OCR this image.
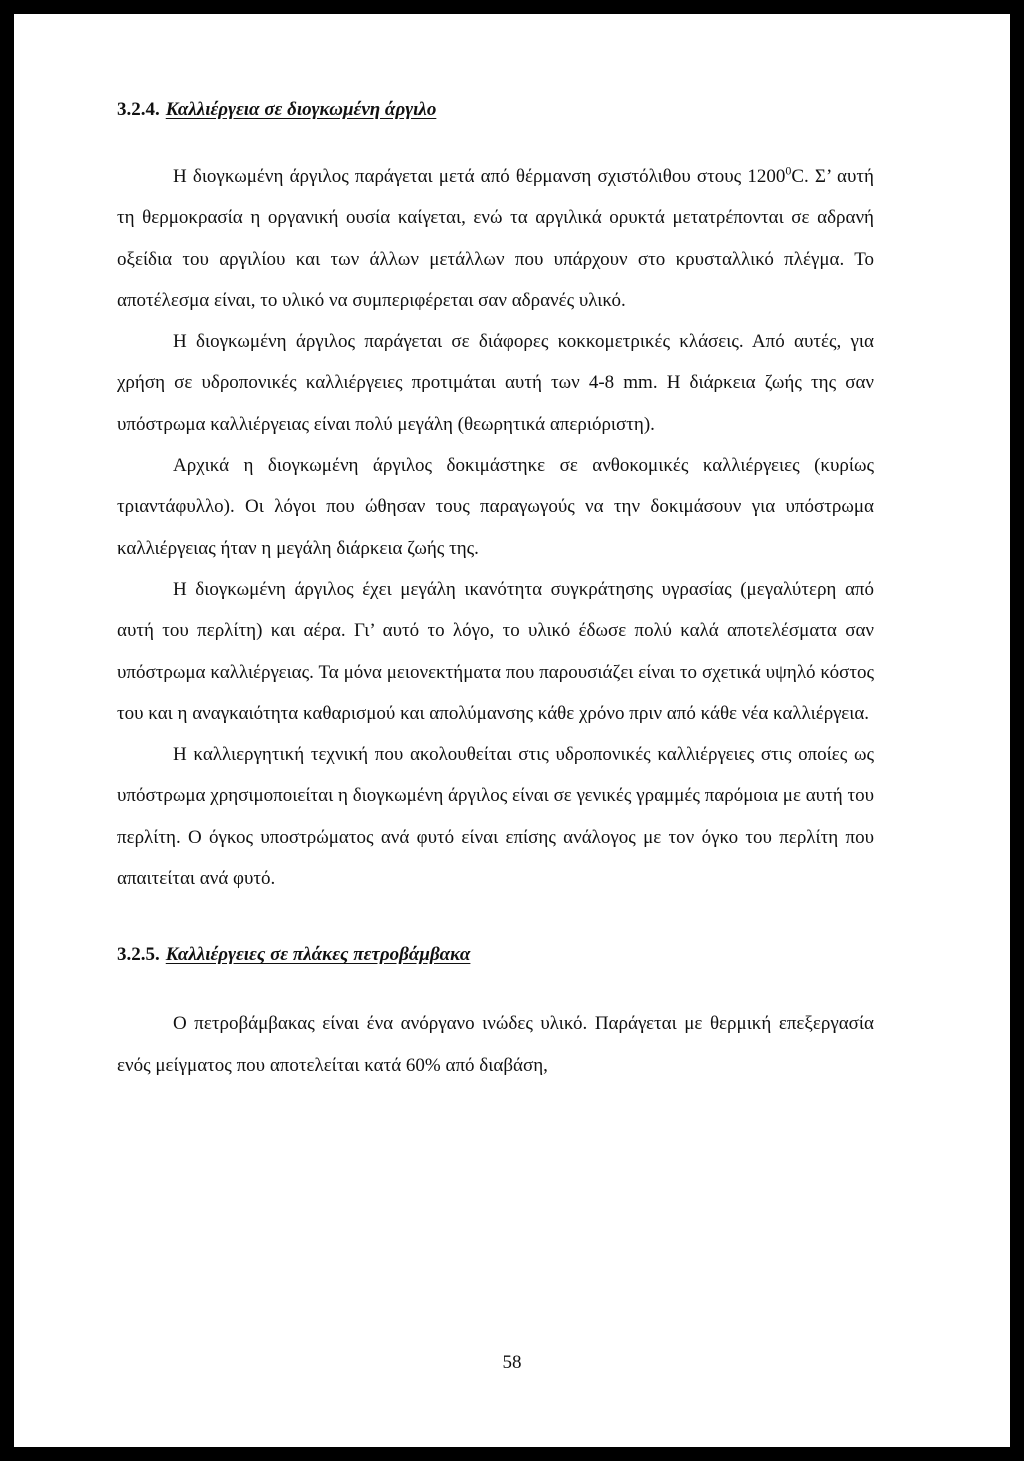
3.2.4. Καλλιέργεια σε διογκωμένη άργιλο

Η διογκωμένη άργιλος παράγεται μετά από θέρμανση σχιστόλιθου στους 1200$^0$C. Σ’ αυτή τη θερμοκρασία η οργανική ουσία καίγεται, ενώ τα αργιλικά ορυκτά μετατρέπονται σε αδρανή οξείδια του αργιλίου και των άλλων μετάλλων που υπάρχουν στο κρυσταλλικό πλέγμα. Το αποτέλεσμα είναι, το υλικό να συμπεριφέρεται σαν αδρανές υλικό.

Η διογκωμένη άργιλος παράγεται σε διάφορες κοκκομετρικές κλάσεις. Από αυτές, για χρήση σε υδροπονικές καλλιέργειες προτιμάται αυτή των 4-8 mm. Η διάρκεια ζωής της σαν υπόστρωμα καλλιέργειας είναι πολύ μεγάλη (θεωρητικά απεριόριστη).

Αρχικά η διογκωμένη άργιλος δοκιμάστηκε σε ανθοκομικές καλλιέργειες (κυρίως τριαντάφυλλο). Οι λόγοι που ώθησαν τους παραγωγούς να την δοκιμάσουν για υπόστρωμα καλλιέργειας ήταν η μεγάλη διάρκεια ζωής της.

Η διογκωμένη άργιλος έχει μεγάλη ικανότητα συγκράτησης υγρασίας (μεγαλύτερη από αυτή του περλίτη) και αέρα. Γι’ αυτό το λόγο, το υλικό έδωσε πολύ καλά αποτελέσματα σαν υπόστρωμα καλλιέργειας. Τα μόνα μειονεκτήματα που παρουσιάζει είναι το σχετικά υψηλό κόστος του και η αναγκαιότητα καθαρισμού και απολύμανσης κάθε χρόνο πριν από κάθε νέα καλλιέργεια.

Η καλλιεργητική τεχνική που ακολουθείται στις υδροπονικές καλλιέργειες στις οποίες ως υπόστρωμα χρησιμοποιείται η διογκωμένη άργιλος είναι σε γενικές γραμμές παρόμοια με αυτή του περλίτη. Ο όγκος υποστρώματος ανά φυτό είναι επίσης ανάλογος με τον όγκο του περλίτη που απαιτείται ανά φυτό.

3.2.5. Καλλιέργειες σε πλάκες πετροβάμβακα

Ο πετροβάμβακας είναι ένα ανόργανο ινώδες υλικό. Παράγεται με θερμική επεξεργασία ενός μείγματος που αποτελείται κατά 60% από διαβάση,

58
